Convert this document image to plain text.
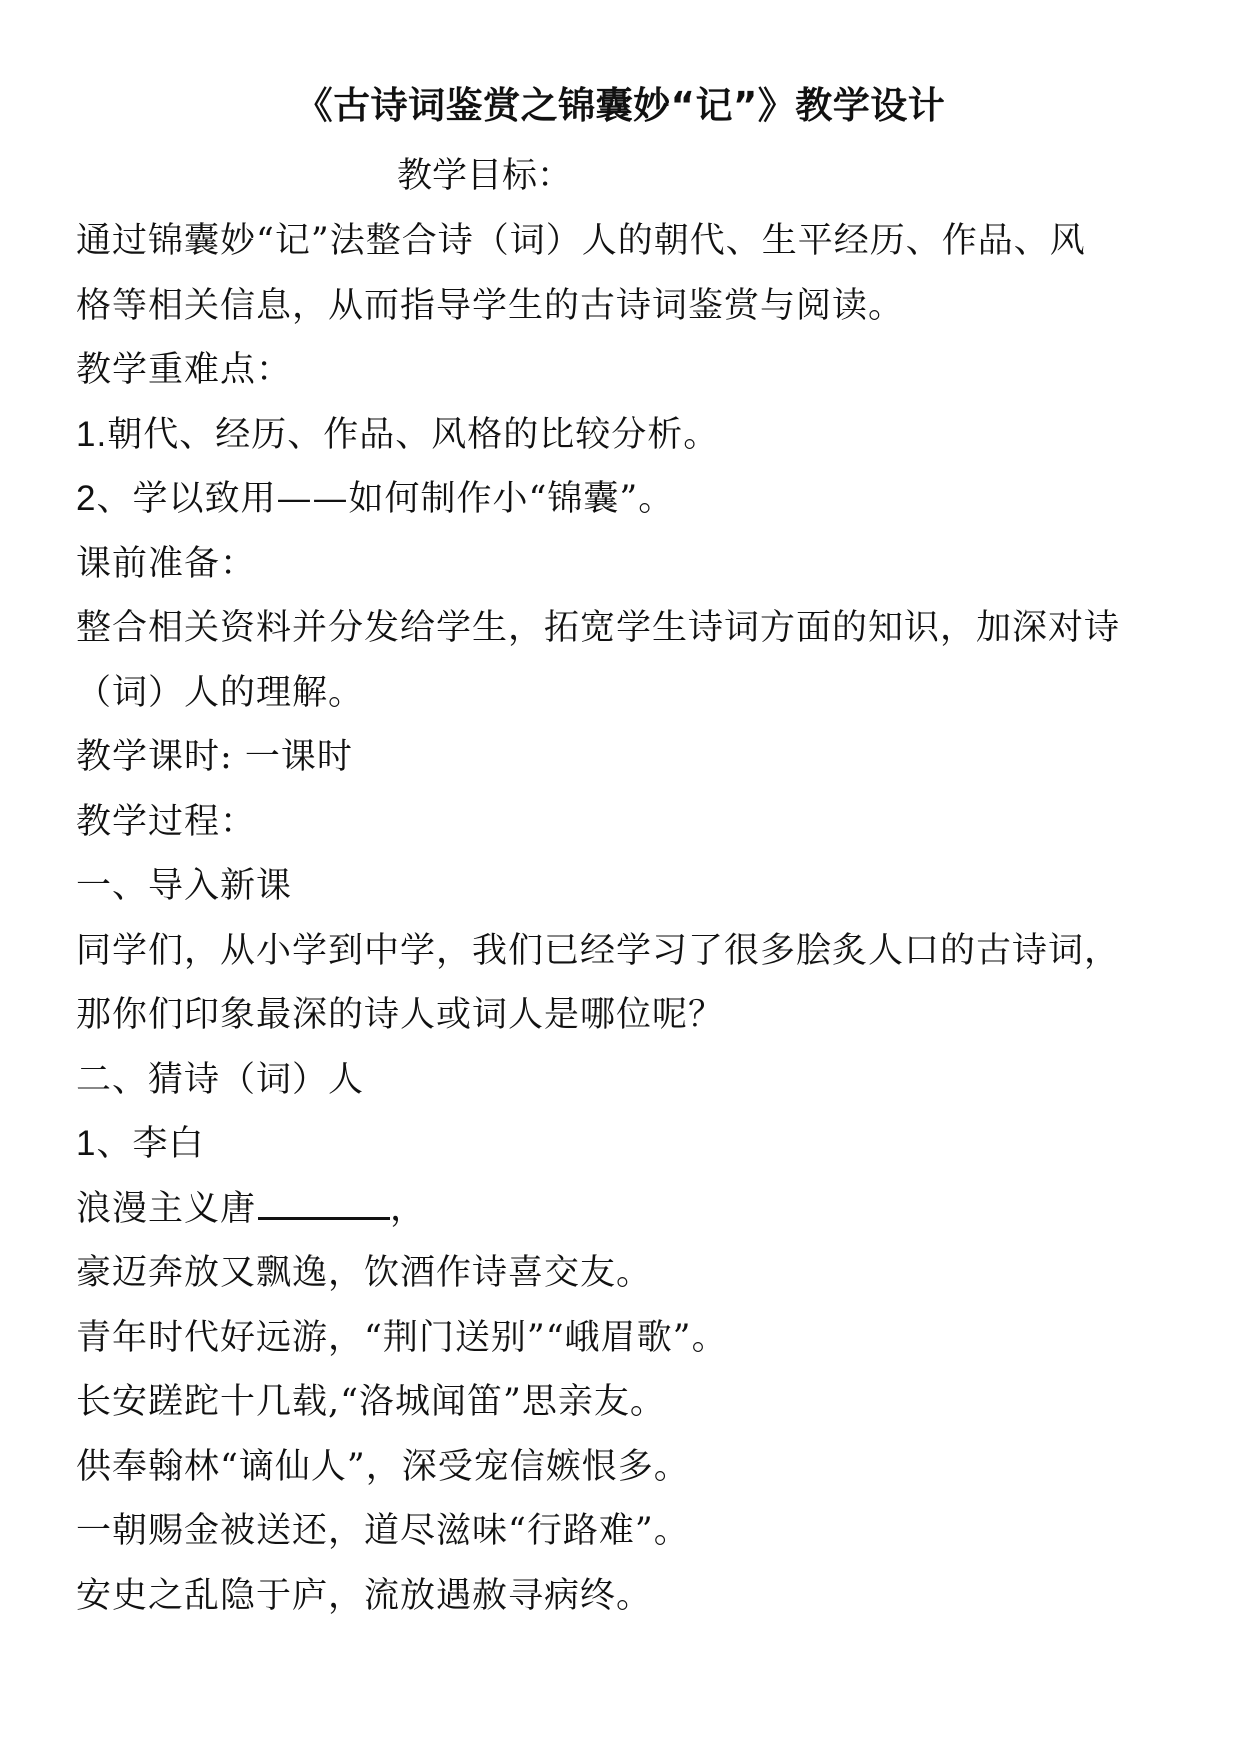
《古诗词鉴赏之锦囊妙“记”》教学设计
教学目标：
通过锦囊妙“记”法整合诗（词）人的朝代、生平经历、作品、风
格等相关信息，从而指导学生的古诗词鉴赏与阅读。
教学重难点：
1.朝代、经历、作品、风格的比较分析。
2、学以致用——如何制作小“锦囊”。
课前准备：
整合相关资料并分发给学生，拓宽学生诗词方面的知识，加深对诗
（词）人的理解。
教学课时: 一课时
教学过程：
一、导入新课
同学们，从小学到中学，我们已经学习了很多脍炙人口的古诗词，
那你们印象最深的诗人或词人是哪位呢？
二、猜诗（词）人
1、李白
浪漫主义唐	，
豪迈奔放又飘逸，饮酒作诗喜交友。
青年时代好远游，“荆门送别”“峨眉歌”。
长安蹉跎十几载,“洛城闻笛”思亲友。
供奉翰林“谪仙人”，深受宠信嫉恨多。
一朝赐金被送还，道尽滋味“行路难”。
安史之乱隐于庐，流放遇赦寻病终。
